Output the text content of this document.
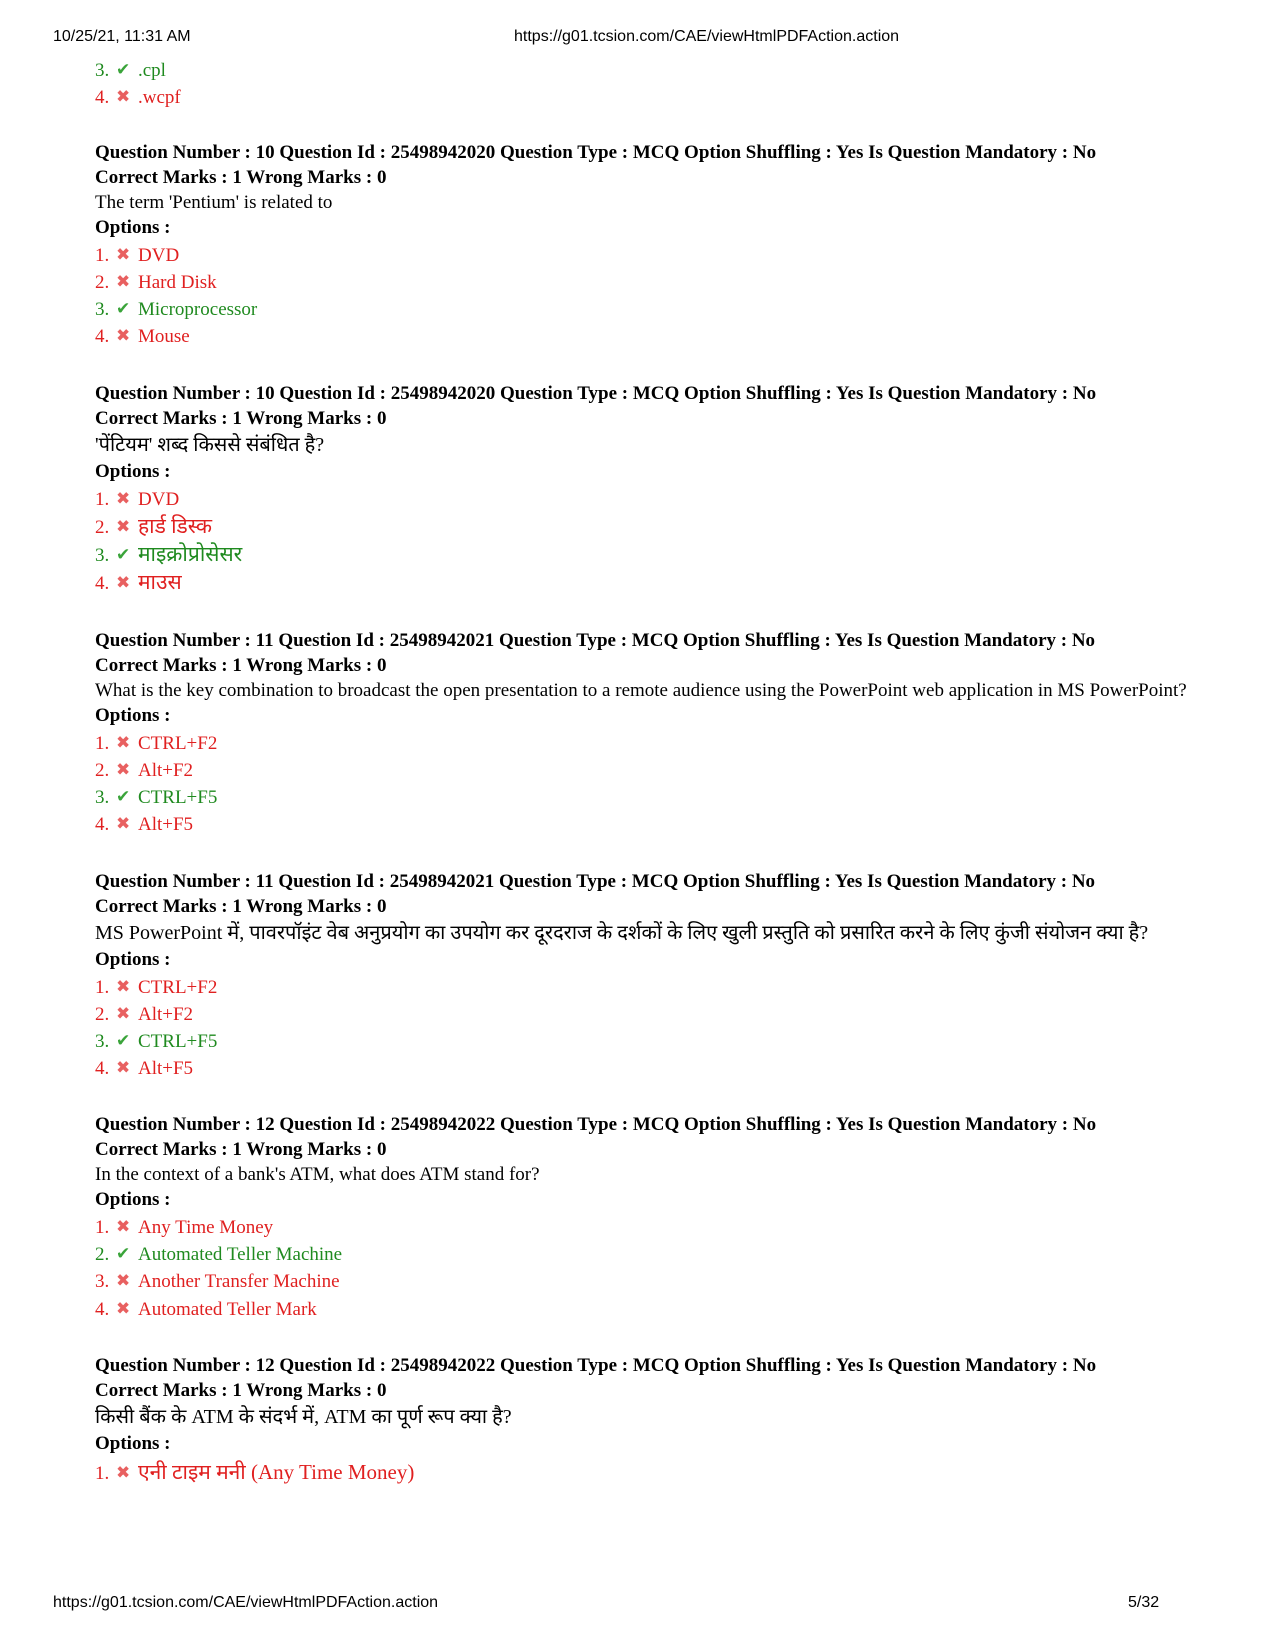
10/25/21, 11:31 AM	https://g01.tcsion.com/CAE/viewHtmlPDFAction.action
3. ✔ .cpl
4. ✖ .wcpf
Question Number : 10 Question Id : 25498942020 Question Type : MCQ Option Shuffling : Yes Is Question Mandatory : No
Correct Marks : 1 Wrong Marks : 0
The term 'Pentium' is related to
Options :
1. ✖ DVD
2. ✖ Hard Disk
3. ✔ Microprocessor
4. ✖ Mouse
Question Number : 10 Question Id : 25498942020 Question Type : MCQ Option Shuffling : Yes Is Question Mandatory : No
Correct Marks : 1 Wrong Marks : 0
'पेंटियम' शब्द किससे संबंधित है?
Options :
1. ✖ DVD
2. ✖ हार्ड डिस्क
3. ✔ माइक्रोप्रोसेसर
4. ✖ माउस
Question Number : 11 Question Id : 25498942021 Question Type : MCQ Option Shuffling : Yes Is Question Mandatory : No
Correct Marks : 1 Wrong Marks : 0
What is the key combination to broadcast the open presentation to a remote audience using the PowerPoint web application in MS PowerPoint?
Options :
1. ✖ CTRL+F2
2. ✖ Alt+F2
3. ✔ CTRL+F5
4. ✖ Alt+F5
Question Number : 11 Question Id : 25498942021 Question Type : MCQ Option Shuffling : Yes Is Question Mandatory : No
Correct Marks : 1 Wrong Marks : 0
MS PowerPoint में, पावरपॉइंट वेब अनुप्रयोग का उपयोग कर दूरदराज के दर्शकों के लिए खुली प्रस्तुति को प्रसारित करने के लिए कुंजी संयोजन क्या है?
Options :
1. ✖ CTRL+F2
2. ✖ Alt+F2
3. ✔ CTRL+F5
4. ✖ Alt+F5
Question Number : 12 Question Id : 25498942022 Question Type : MCQ Option Shuffling : Yes Is Question Mandatory : No
Correct Marks : 1 Wrong Marks : 0
In the context of a bank's ATM, what does ATM stand for?
Options :
1. ✖ Any Time Money
2. ✔ Automated Teller Machine
3. ✖ Another Transfer Machine
4. ✖ Automated Teller Mark
Question Number : 12 Question Id : 25498942022 Question Type : MCQ Option Shuffling : Yes Is Question Mandatory : No
Correct Marks : 1 Wrong Marks : 0
किसी बैंक के ATM के संदर्भ में, ATM का पूर्ण रूप क्या है?
Options :
1. ✖ एनी टाइम मनी (Any Time Money)
https://g01.tcsion.com/CAE/viewHtmlPDFAction.action	5/32
